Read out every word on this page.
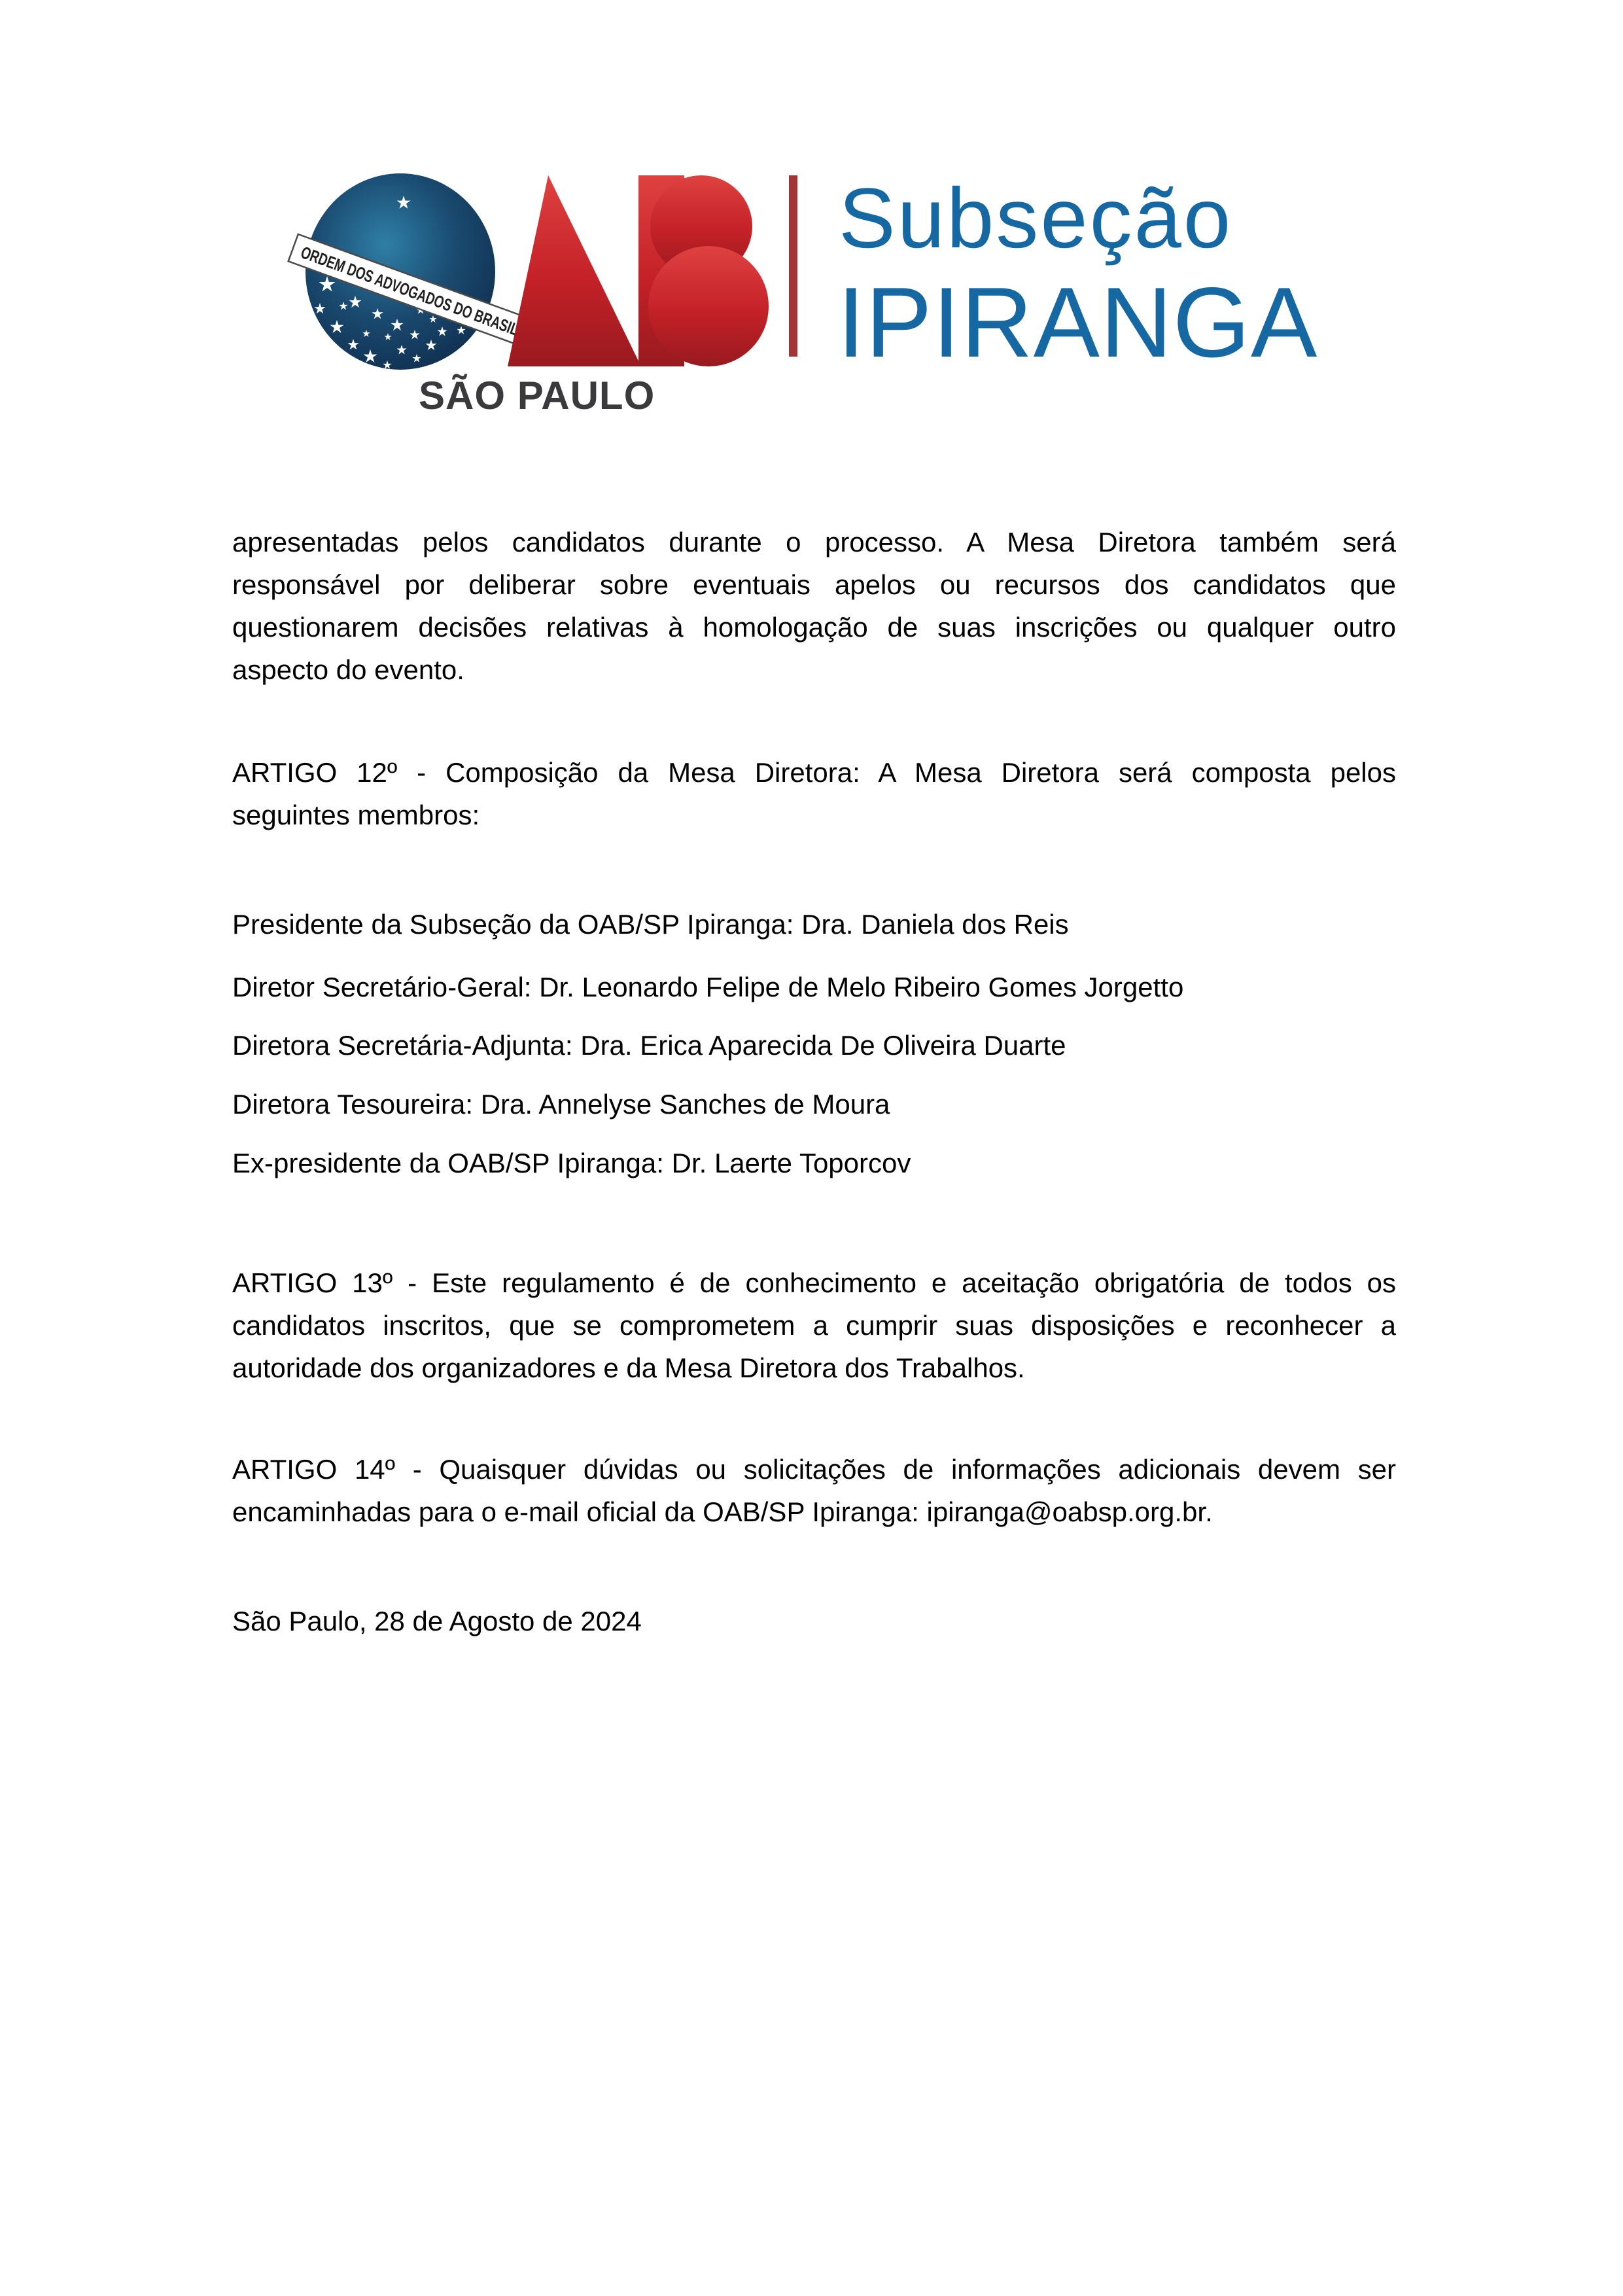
ORDEM DOS ADVOGADOS DO BRASIL
SÃO PAULO
Subseção
IPIRANGA
apresentadas pelos candidatos durante o processo. A Mesa Diretora também será
responsável por deliberar sobre eventuais apelos ou recursos dos candidatos que
questionarem decisões relativas à homologação de suas inscrições ou qualquer outro
aspecto do evento.
ARTIGO 12º - Composição da Mesa Diretora: A Mesa Diretora será composta pelos
seguintes membros:
Presidente da Subseção da OAB/SP Ipiranga: Dra. Daniela dos Reis
Diretor Secretário-Geral: Dr. Leonardo Felipe de Melo Ribeiro Gomes Jorgetto
Diretora Secretária-Adjunta: Dra. Erica Aparecida De Oliveira Duarte
Diretora Tesoureira: Dra. Annelyse Sanches de Moura
Ex-presidente da OAB/SP Ipiranga: Dr. Laerte Toporcov
ARTIGO 13º - Este regulamento é de conhecimento e aceitação obrigatória de todos os
candidatos inscritos, que se comprometem a cumprir suas disposições e reconhecer a
autoridade dos organizadores e da Mesa Diretora dos Trabalhos.
ARTIGO 14º - Quaisquer dúvidas ou solicitações de informações adicionais devem ser
encaminhadas para o e-mail oficial da OAB/SP Ipiranga: ipiranga@oabsp.org.br.
São Paulo, 28 de Agosto de 2024
